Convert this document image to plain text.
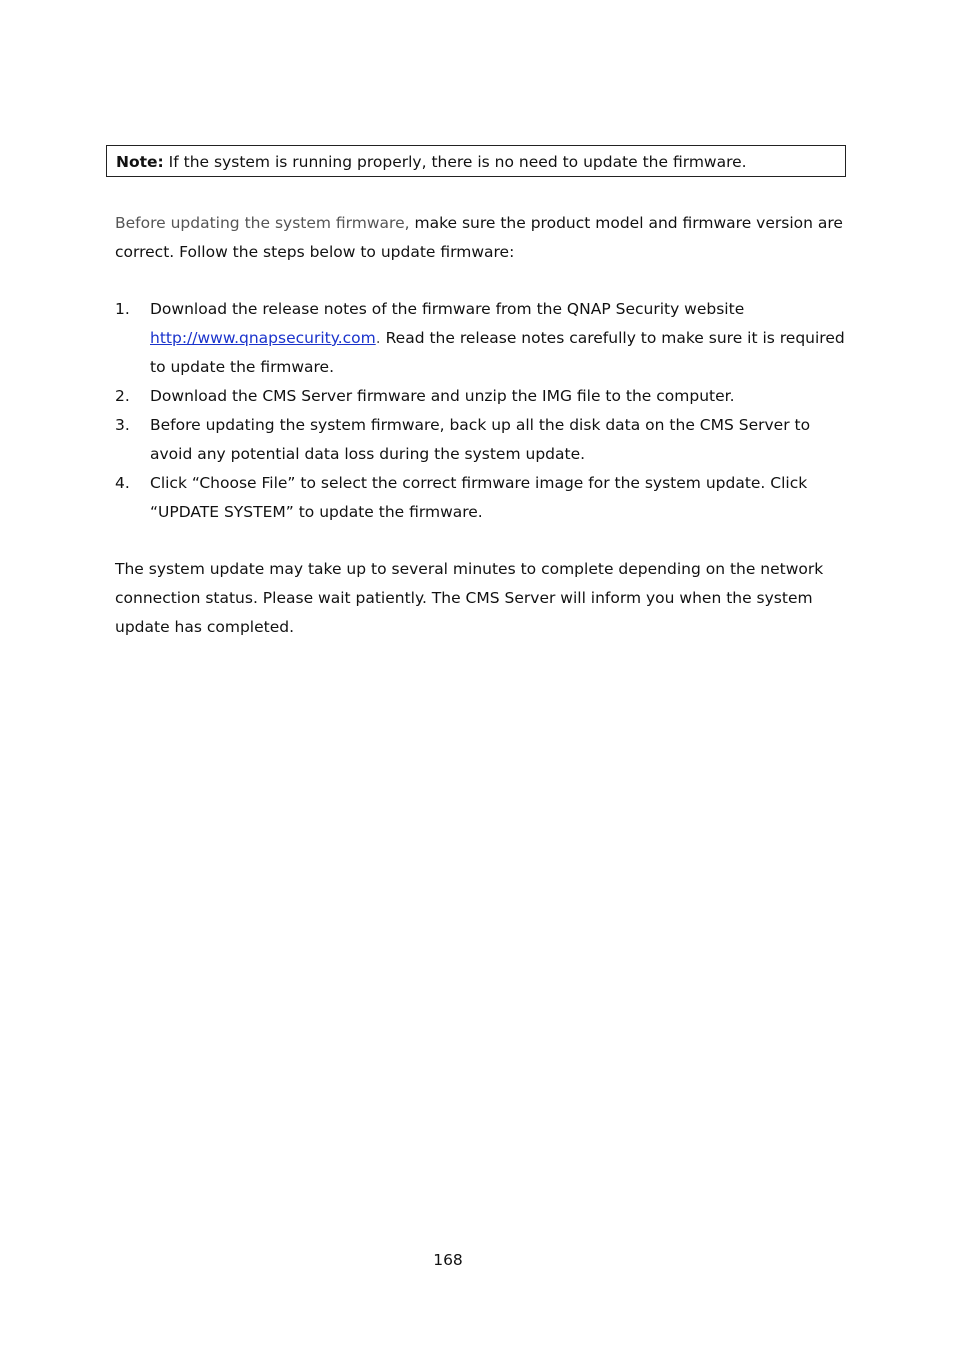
Note: If the system is running properly, there is no need to update the firmware.

Before updating the system firmware, make sure the product model and firmware version are correct. Follow the steps below to update firmware:

1. Download the release notes of the firmware from the QNAP Security website http://www.qnapsecurity.com. Read the release notes carefully to make sure it is required to update the firmware.
2. Download the CMS Server firmware and unzip the IMG file to the computer.
3. Before updating the system firmware, back up all the disk data on the CMS Server to avoid any potential data loss during the system update.
4. Click “Choose File” to select the correct firmware image for the system update. Click “UPDATE SYSTEM” to update the firmware.

The system update may take up to several minutes to complete depending on the network connection status. Please wait patiently. The CMS Server will inform you when the system update has completed.

168
